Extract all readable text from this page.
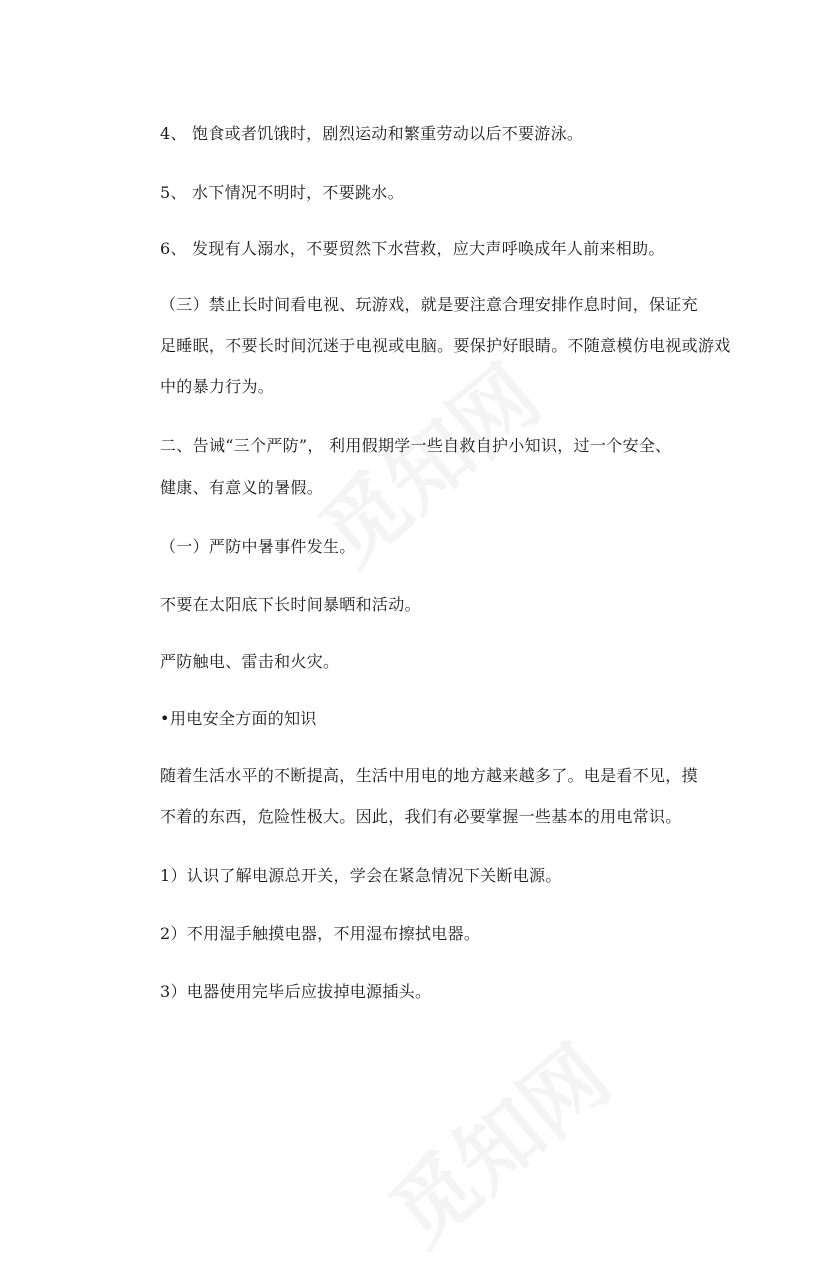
4、 饱食或者饥饿时，剧烈运动和繁重劳动以后不要游泳。
5、 水下情况不明时，不要跳水。
6、 发现有人溺水，不要贸然下水营救，应大声呼唤成年人前来相助。
（三）禁止长时间看电视、玩游戏，就是要注意合理安排作息时间，保证充
足睡眠，不要长时间沉迷于电视或电脑。要保护好眼睛。不随意模仿电视或游戏
中的暴力行为。
二、告诫“三个严防”， 利用假期学一些自救自护小知识，过一个安全、
健康、有意义的暑假。
（一）严防中暑事件发生。
不要在太阳底下长时间暴晒和活动。
严防触电、雷击和火灾。
•用电安全方面的知识
随着生活水平的不断提高，生活中用电的地方越来越多了。电是看不见，摸
不着的东西，危险性极大。因此，我们有必要掌握一些基本的用电常识。
1）认识了解电源总开关，学会在紧急情况下关断电源。
2）不用湿手触摸电器，不用湿布擦拭电器。
3）电器使用完毕后应拔掉电源插头。
